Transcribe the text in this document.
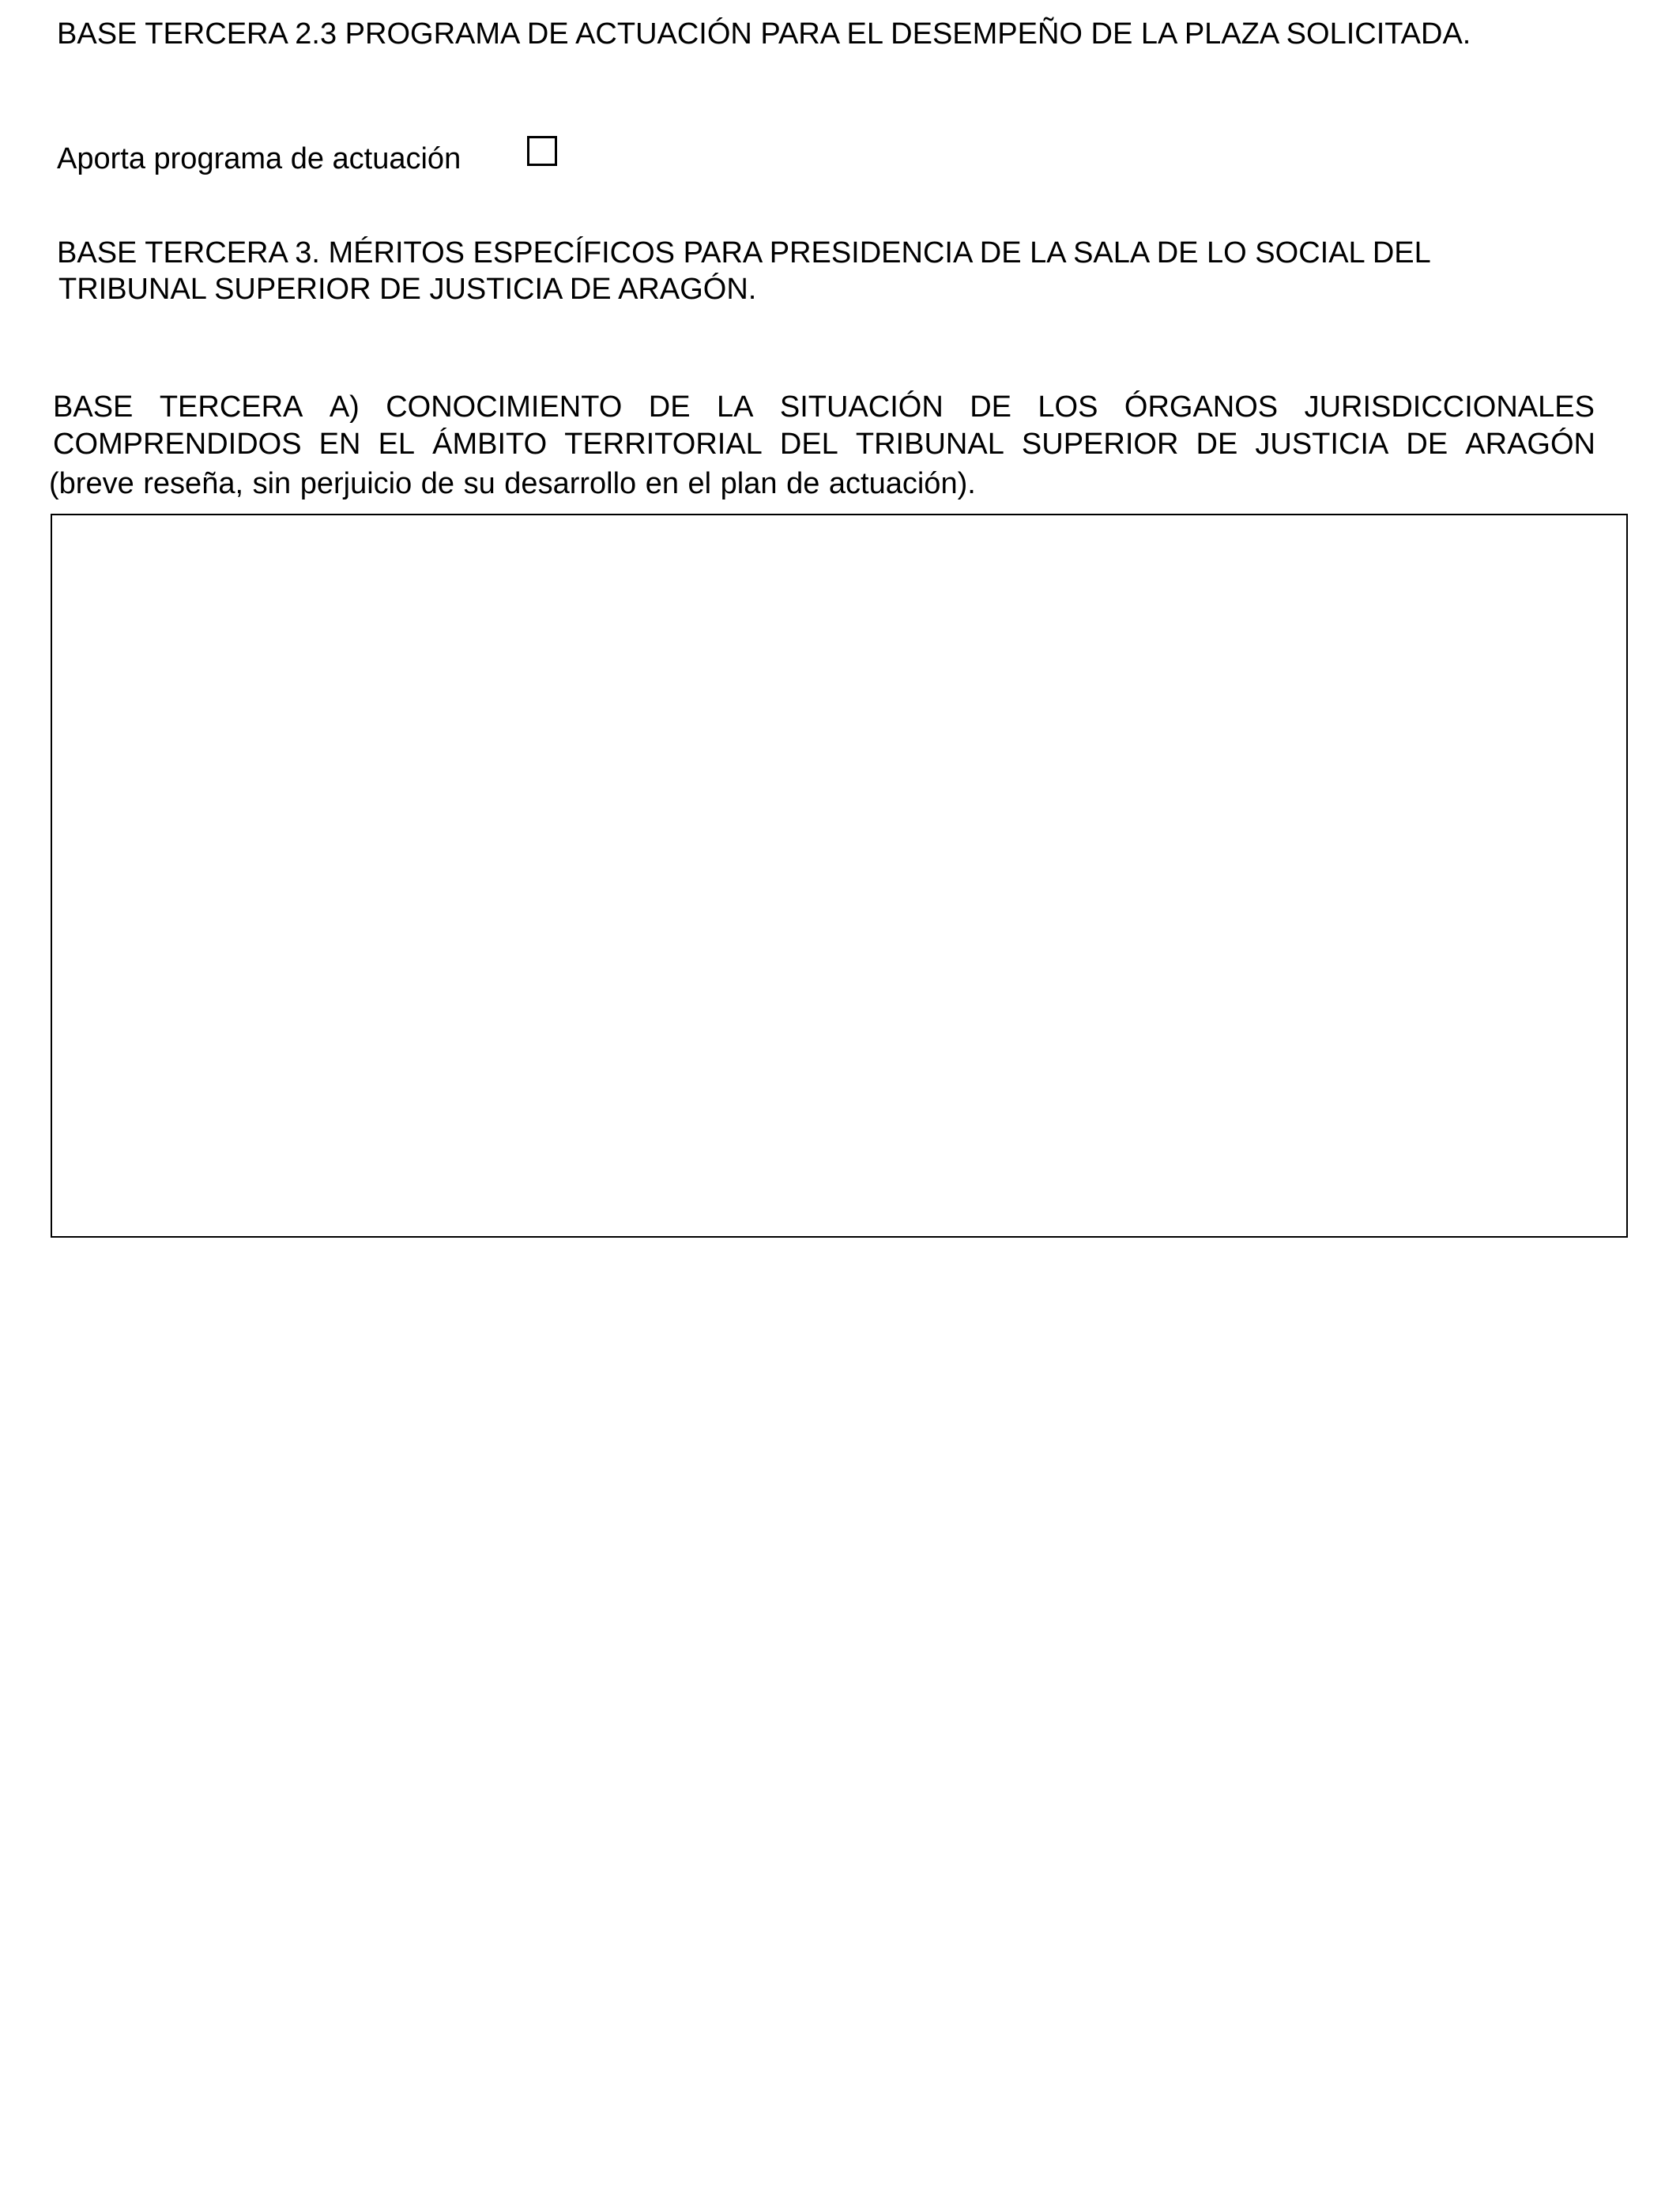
BASE TERCERA 2.3 PROGRAMA DE ACTUACIÓN PARA EL DESEMPEÑO DE LA PLAZA SOLICITADA.
Aporta programa de actuación
BASE TERCERA 3. MÉRITOS ESPECÍFICOS PARA PRESIDENCIA DE LA SALA DE LO SOCIAL DEL
TRIBUNAL SUPERIOR DE JUSTICIA DE ARAGÓN.
BASE TERCERA A) CONOCIMIENTO DE LA SITUACIÓN DE LOS ÓRGANOS JURISDICCIONALES
COMPRENDIDOS EN EL ÁMBITO TERRITORIAL DEL TRIBUNAL SUPERIOR DE JUSTICIA DE ARAGÓN
(breve reseña, sin perjuicio de su desarrollo en el plan de actuación).
